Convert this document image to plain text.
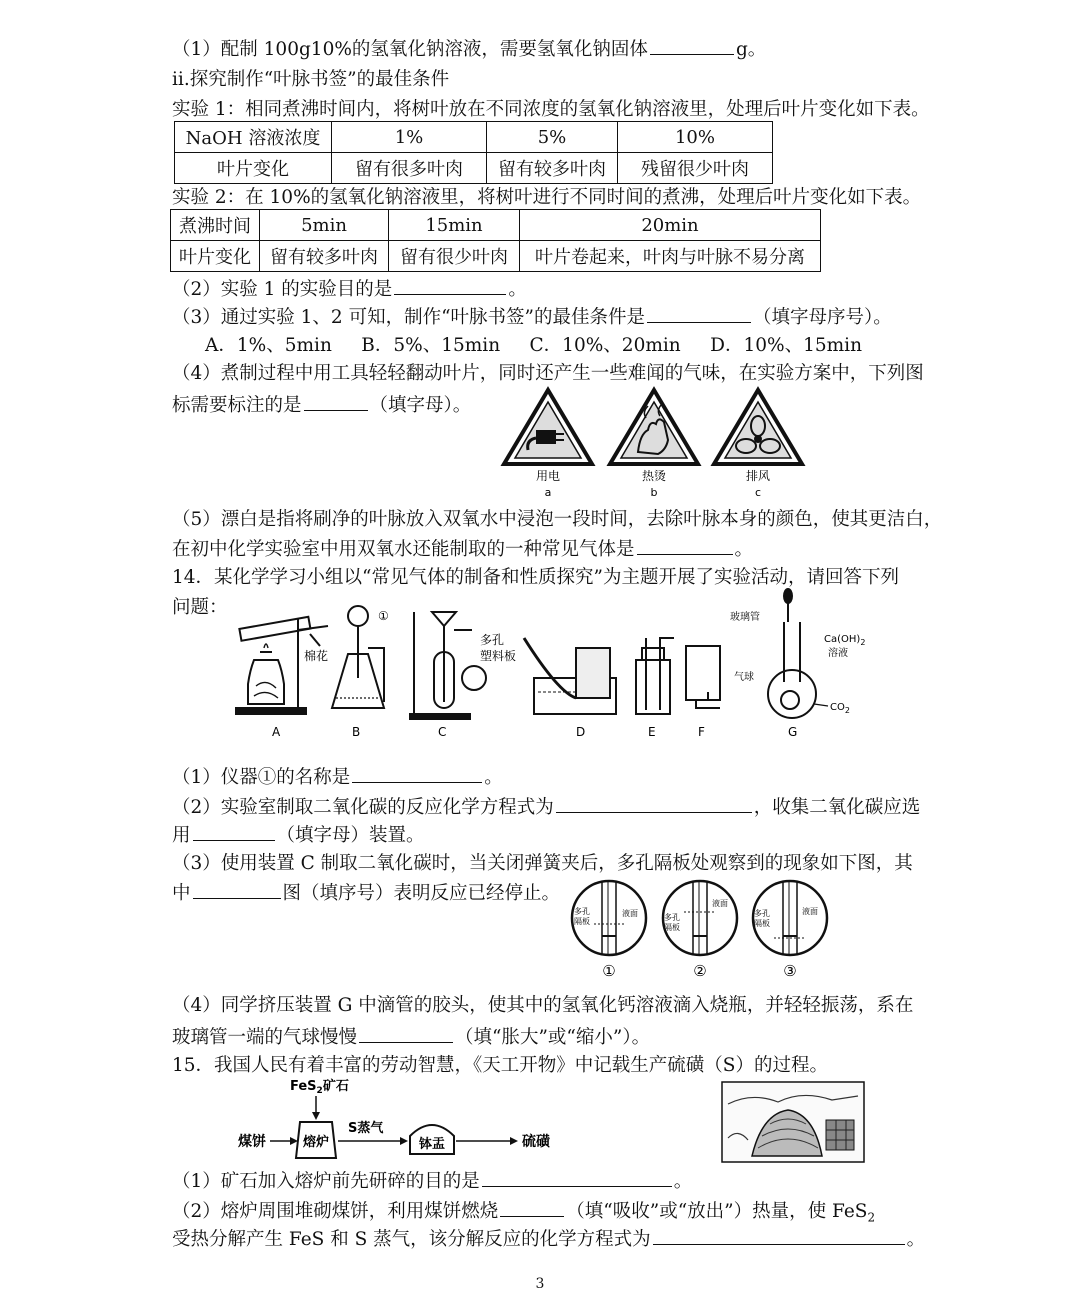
（1）配制 100g10%的氢氧化钠溶液，需要氢氧化钠固体	g。
ⅱ.探究制作“叶脉书签”的最佳条件
实验 1：相同煮沸时间内，将树叶放在不同浓度的氢氧化钠溶液里，处理后叶片变化如下表。
NaOH 溶液浓度	1%	5%	10%
叶片变化	留有很多叶肉	留有较多叶肉	残留很少叶肉
实验 2：在 10%的氢氧化钠溶液里，将树叶进行不同时间的煮沸，处理后叶片变化如下表。
煮沸时间	5min	15min	20min
叶片变化	留有较多叶肉	留有很少叶肉	叶片卷起来，叶肉与叶脉不易分离
（2）实验 1 的实验目的是	。
（3）通过实验 1、2 可知，制作“叶脉书签”的最佳条件是	（填字母序号）。
A．1%、5min B．5%、15min C．10%、20min D．10%、15min
（4）煮制过程中用工具轻轻翻动叶片，同时还产生一些难闻的气味，在实验方案中，下列图
标需要标注的是	（填字母）。
用电
a
热烫
b
排风
c
（5）漂白是指将刷净的叶脉放入双氧水中浸泡一段时间，去除叶脉本身的颜色，使其更洁白，
在初中化学实验室中用双氧水还能制取的一种常见气体是	。
14．某化学学习小组以“常见气体的制备和性质探究”为主题开展了实验活动，请回答下列
问题：
棉花
A
①
B
多孔
塑料板
C	D	E	F
玻璃管
$Ca(OH)_2$
溶液
气球
$CO_2$
G
（1）仪器①的名称是	。
（2）实验室制取二氧化碳的反应化学方程式为	，收集二氧化碳应选
用	（填字母）装置。
（3）使用装置 C 制取二氧化碳时，当关闭弹簧夹后，多孔隔板处观察到的现象如下图，其
中	图（填序号）表明反应已经停止。
多孔
隔板
液面
①
多孔
隔板
液面
②
多孔
隔板
液面
③
（4）同学挤压装置 G 中滴管的胶头，使其中的氢氧化钙溶液滴入烧瓶，并轻轻振荡，系在
玻璃管一端的气球慢慢	（填“胀大”或“缩小”）。
15．我国人民有着丰富的劳动智慧，《天工开物》中记载生产硫磺（S）的过程。
FeS$_2$矿石
煤饼	熔炉
S蒸气
钵盂	硫磺
（1）矿石加入熔炉前先研碎的目的是	。
（2）熔炉周围堆砌煤饼，利用煤饼燃烧	（填“吸收”或“放出”）热量，使 FeS$_2$
受热分解产生 FeS 和 S 蒸气，该分解反应的化学方程式为	。
3
